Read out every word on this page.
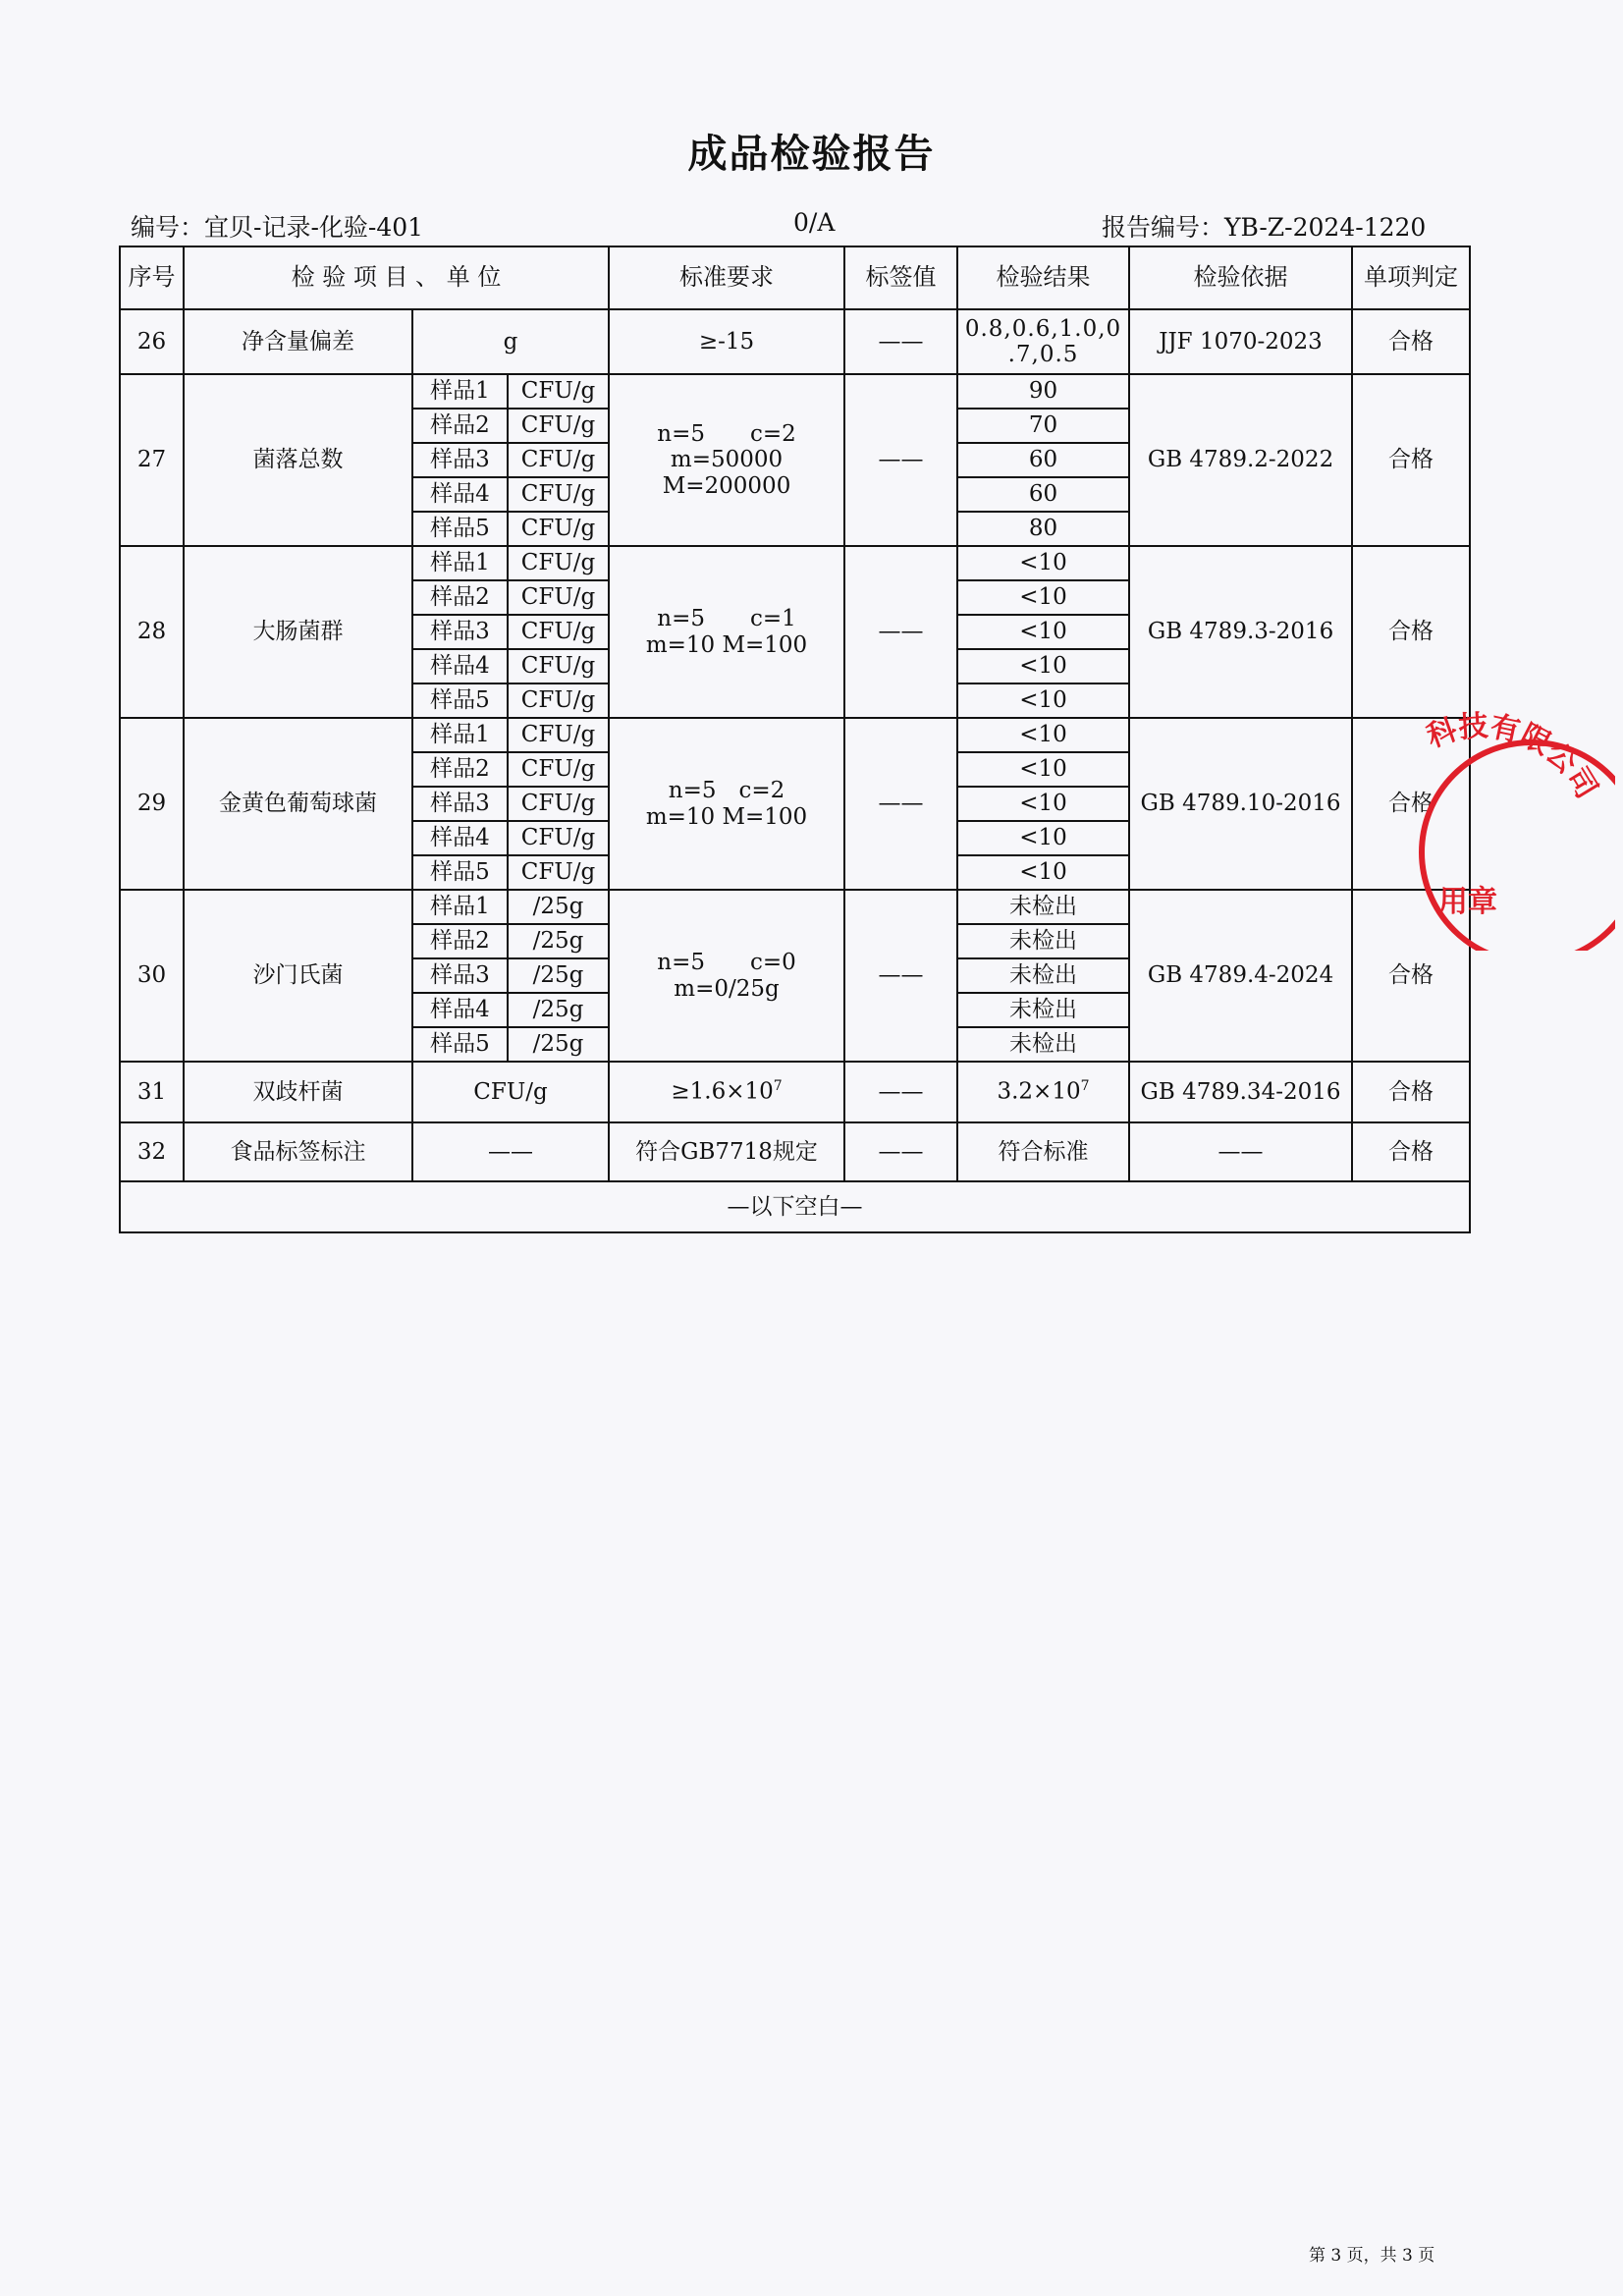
成品检验报告
编号：宜贝-记录-化验-401	0/A	报告编号：YB-Z-2024-1220
序号	检 验 项 目 、 单 位			标准要求	标签值	检验结果	检验依据	单项判定
26	净含量偏差	g		≥-15	——	0.8,0.6,1.0,0
.7,0.5	JJF 1070-2023	合格
27	菌落总数	样品1	CFU/g	n=5　　c=2
m=50000 M=200000	——	90	GB 4789.2-2022	合格
		样品2	CFU/g			70		
		样品3	CFU/g			60		
		样品4	CFU/g			60		
		样品5	CFU/g			80		
28	大肠菌群	样品1	CFU/g	n=5　　c=1
m=10 M=100	——	<10	GB 4789.3-2016	合格
		样品2	CFU/g			<10		
		样品3	CFU/g			<10		
		样品4	CFU/g			<10		
		样品5	CFU/g			<10		
29	金黄色葡萄球菌	样品1	CFU/g	n=5　c=2
m=10 M=100	——	<10	GB 4789.10-2016	合格
		样品2	CFU/g			<10		
		样品3	CFU/g			<10		
		样品4	CFU/g			<10		
		样品5	CFU/g			<10		
30	沙门氏菌	样品1	/25g	n=5　　c=0
m=0/25g	——	未检出	GB 4789.4-2024	合格
		样品2	/25g			未检出		
		样品3	/25g			未检出		
		样品4	/25g			未检出		
		样品5	/25g			未检出		
31	双歧杆菌	CFU/g		$\ge 1.6\times 10^7$	——	$3.2\times 10^7$	GB 4789.34-2016	合格
32	食品标签标注	——		符合GB7718规定	——	符合标准	——	合格
—以下空白—								
科技有限公司
用章
第 3 页，共 3 页
